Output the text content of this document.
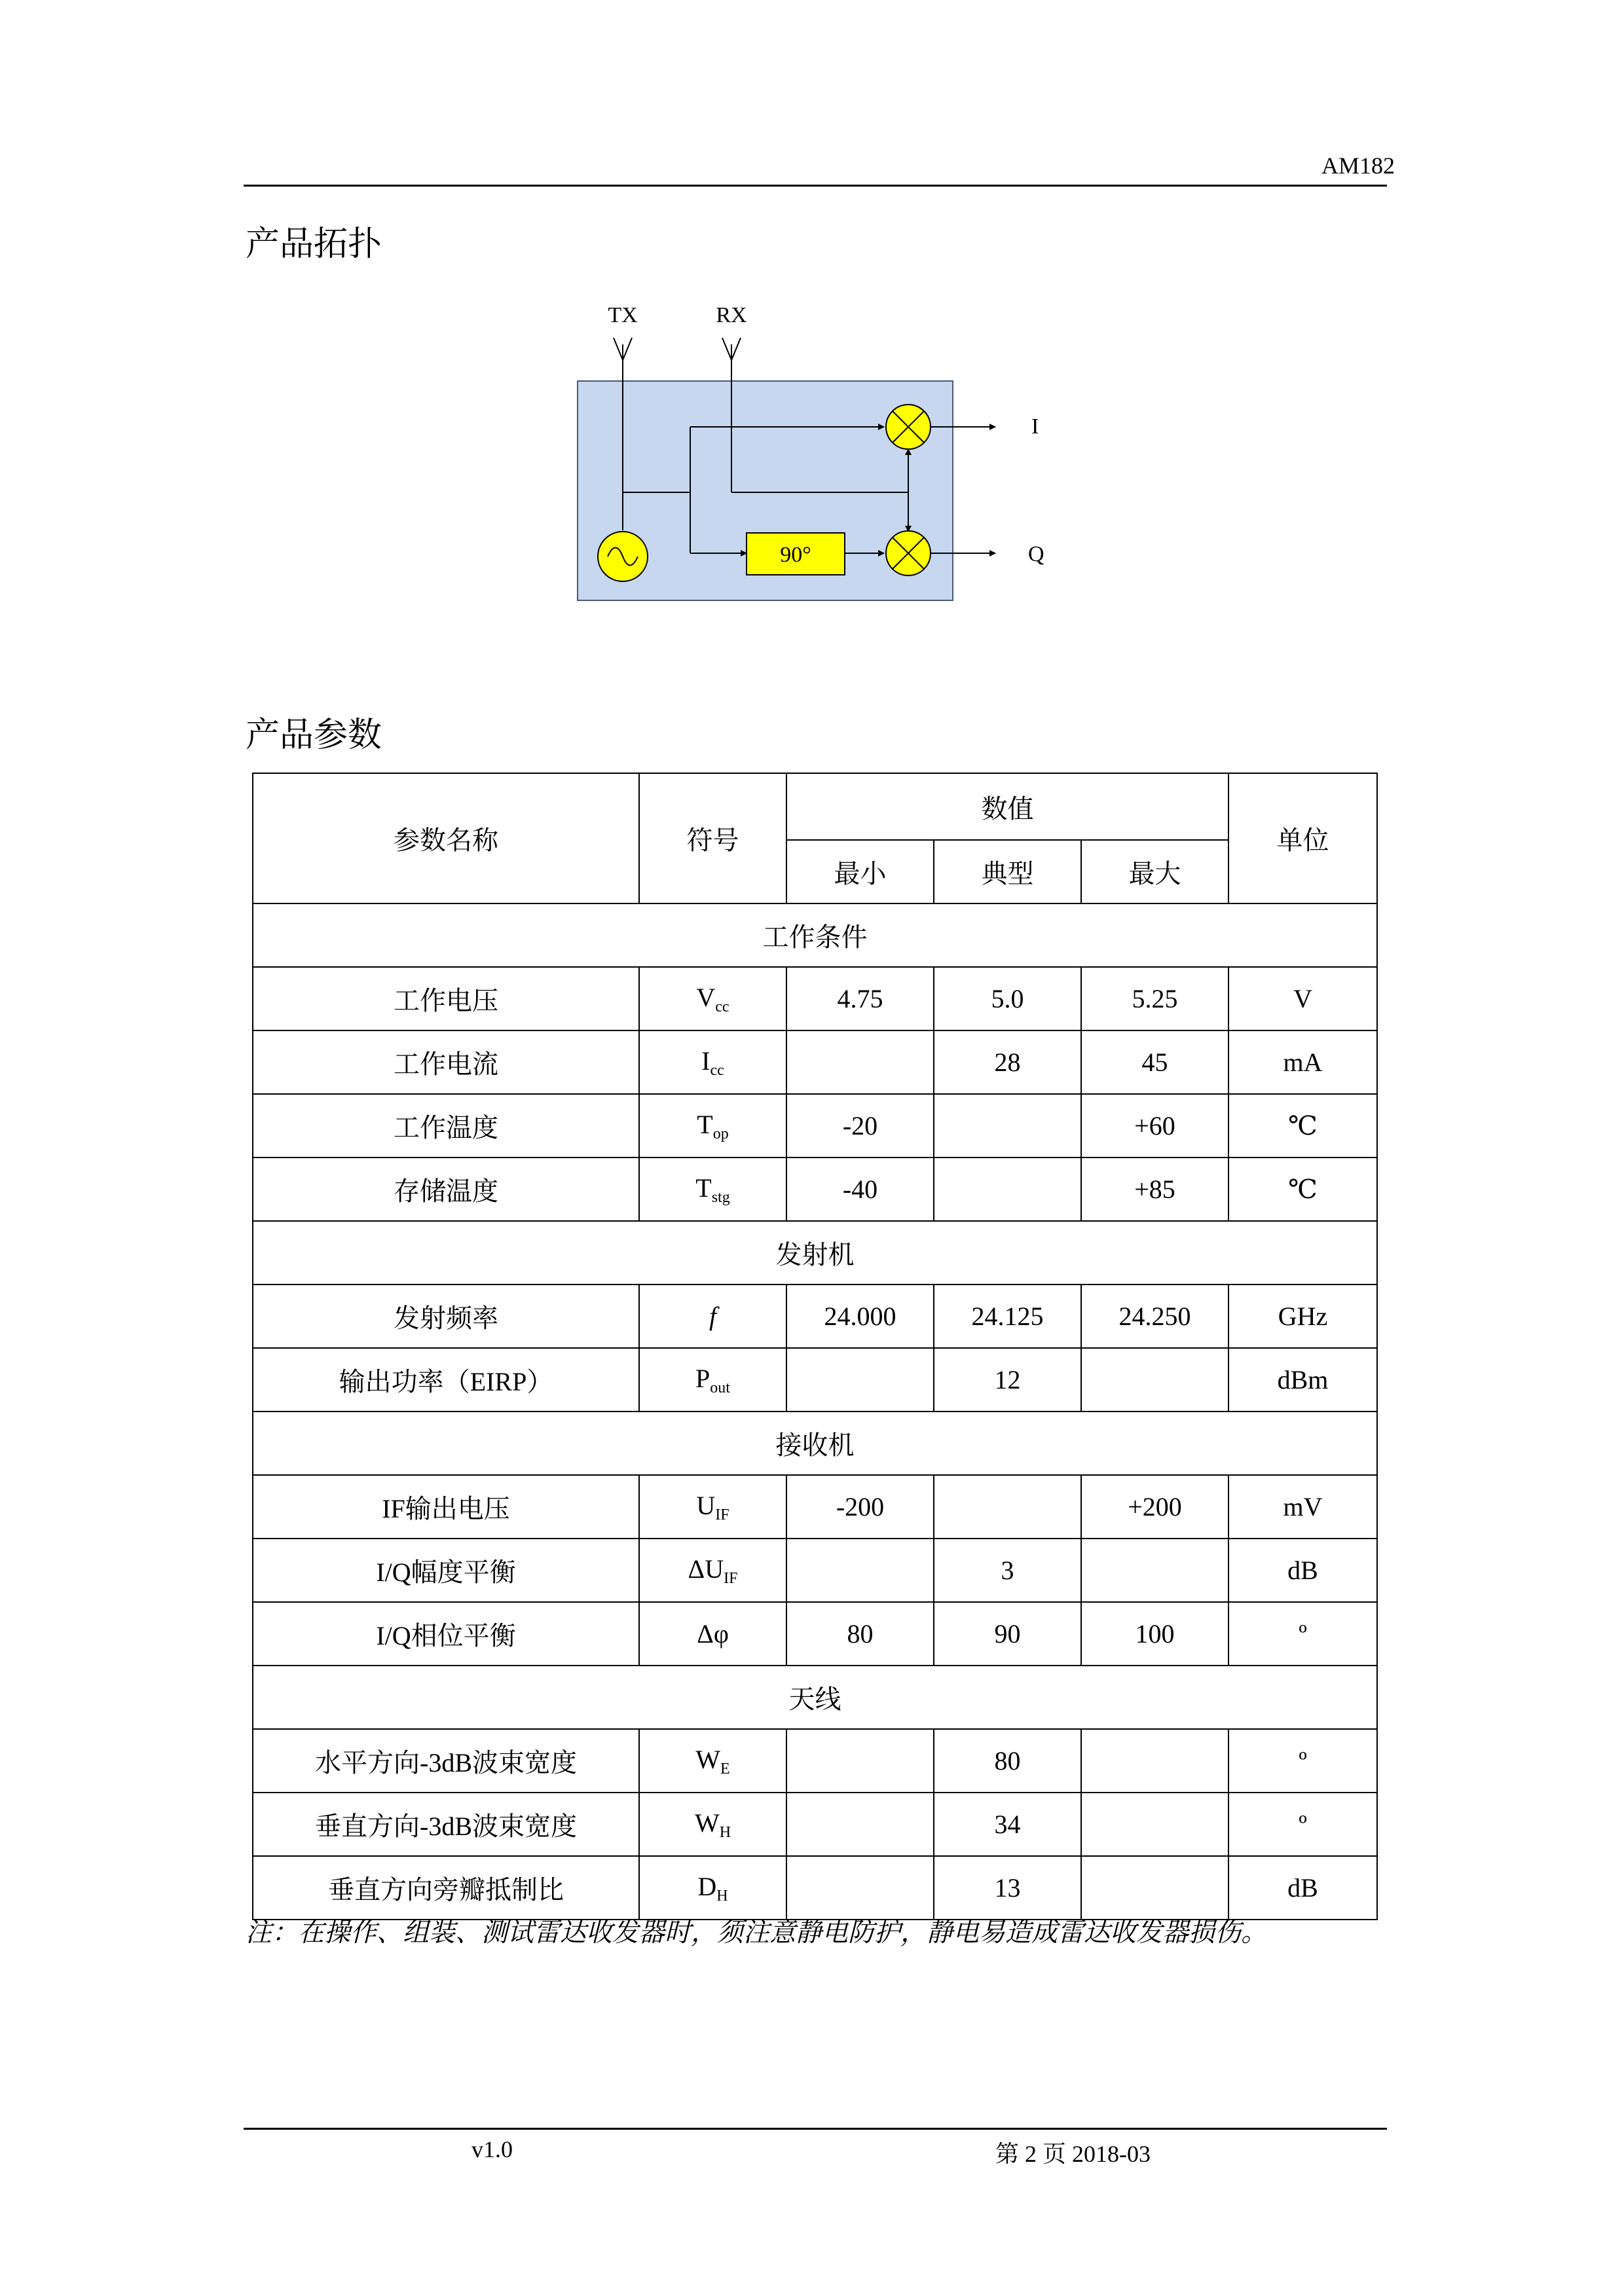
AM182
产品拓扑
TX	RX
90°
I
Q
产品参数
参数名称	符号	数值			单位
		最小	典型	最大	
工作条件					
工作电压	$V_{cc}$	4.75	5.0	5.25	V
工作电流	$I_{cc}$		28	45	mA
工作温度	$T_{op}$	-20		+60	℃
存储温度	$T_{stg}$	-40		+85	℃
发射机					
发射频率	f	24.000	24.125	24.250	GHz
输出功率（EIRP）	$P_{out}$		12		dBm
接收机					
IF输出电压	$U_{IF}$	-200		+200	mV
I/Q幅度平衡	$\Delta U_{IF}$		3		dB
I/Q相位平衡	Δφ	80	90	100	º
天线					
水平方向-3dB波束宽度	$W_E$		80		º
垂直方向-3dB波束宽度	$W_H$		34		º
垂直方向旁瓣抵制比	$D_H$		13		dB
注：在操作、组装、测试雷达收发器时，须注意静电防护，静电易造成雷达收发器损伤。
v1.0	第 2 页 2018-03
